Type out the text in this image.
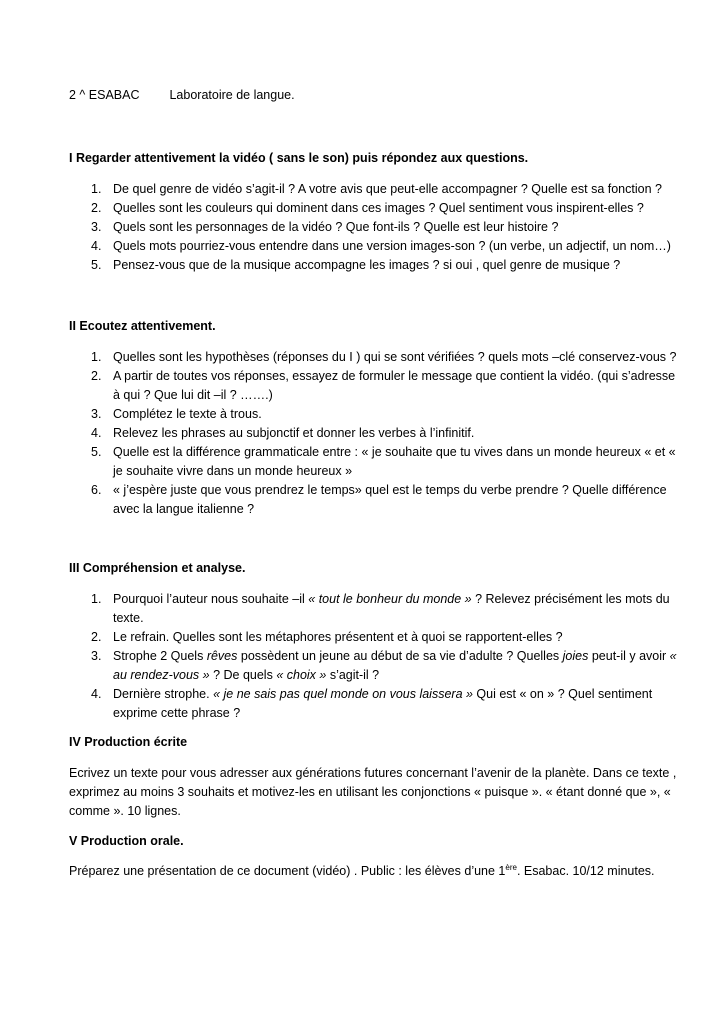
2 ^ ESABAC Laboratoire de langue.
I Regarder attentivement la vidéo ( sans le son) puis répondez aux questions.
1. De quel genre de vidéo s’agit-il ? A votre avis que peut-elle accompagner ? Quelle est sa fonction ?
2. Quelles sont les couleurs qui dominent dans ces images ? Quel sentiment vous inspirent-elles ?
3. Quels sont les personnages de la vidéo ? Que font-ils ? Quelle est leur histoire ?
4. Quels mots pourriez-vous entendre dans une version images-son ? (un verbe, un adjectif, un nom…)
5. Pensez-vous que de la musique accompagne les images ? si oui , quel genre de musique ?
II Ecoutez attentivement.
1. Quelles sont les hypothèses (réponses du I ) qui se sont vérifiées ? quels mots –clé conservez-vous ?
2. A partir de toutes vos réponses, essayez de formuler le message que contient la vidéo. (qui s’adresse à qui ? Que lui dit –il ? …….)
3. Complétez le texte à trous.
4. Relevez les phrases au subjonctif et donner les verbes à l’infinitif.
5. Quelle est la différence grammaticale entre : « je souhaite que tu vives dans un monde heureux « et « je souhaite vivre dans un monde heureux »
6. « j’espère juste que vous prendrez le temps» quel est le temps du verbe prendre ? Quelle différence avec la langue italienne ?
III Compréhension et analyse.
1. Pourquoi l’auteur nous souhaite –il « tout le bonheur du monde » ? Relevez précisément les mots du texte.
2. Le refrain. Quelles sont les métaphores présentent et à quoi se rapportent-elles ?
3. Strophe 2 Quels rêves possèdent un jeune au début de sa vie d’adulte ? Quelles joies peut-il y avoir « au rendez-vous » ? De quels « choix » s’agit-il ?
4. Dernière strophe. « je ne sais pas quel monde on vous laissera » Qui est « on » ? Quel sentiment exprime cette phrase ?
IV Production écrite
Ecrivez un texte pour vous adresser aux générations futures concernant l’avenir de la planète. Dans ce texte , exprimez au moins 3 souhaits et motivez-les en utilisant les conjonctions « puisque ». « étant donné que », « comme ». 10 lignes.
V Production orale.
Préparez une présentation de ce document (vidéo) . Public : les élèves d’une 1ère. Esabac. 10/12 minutes.
